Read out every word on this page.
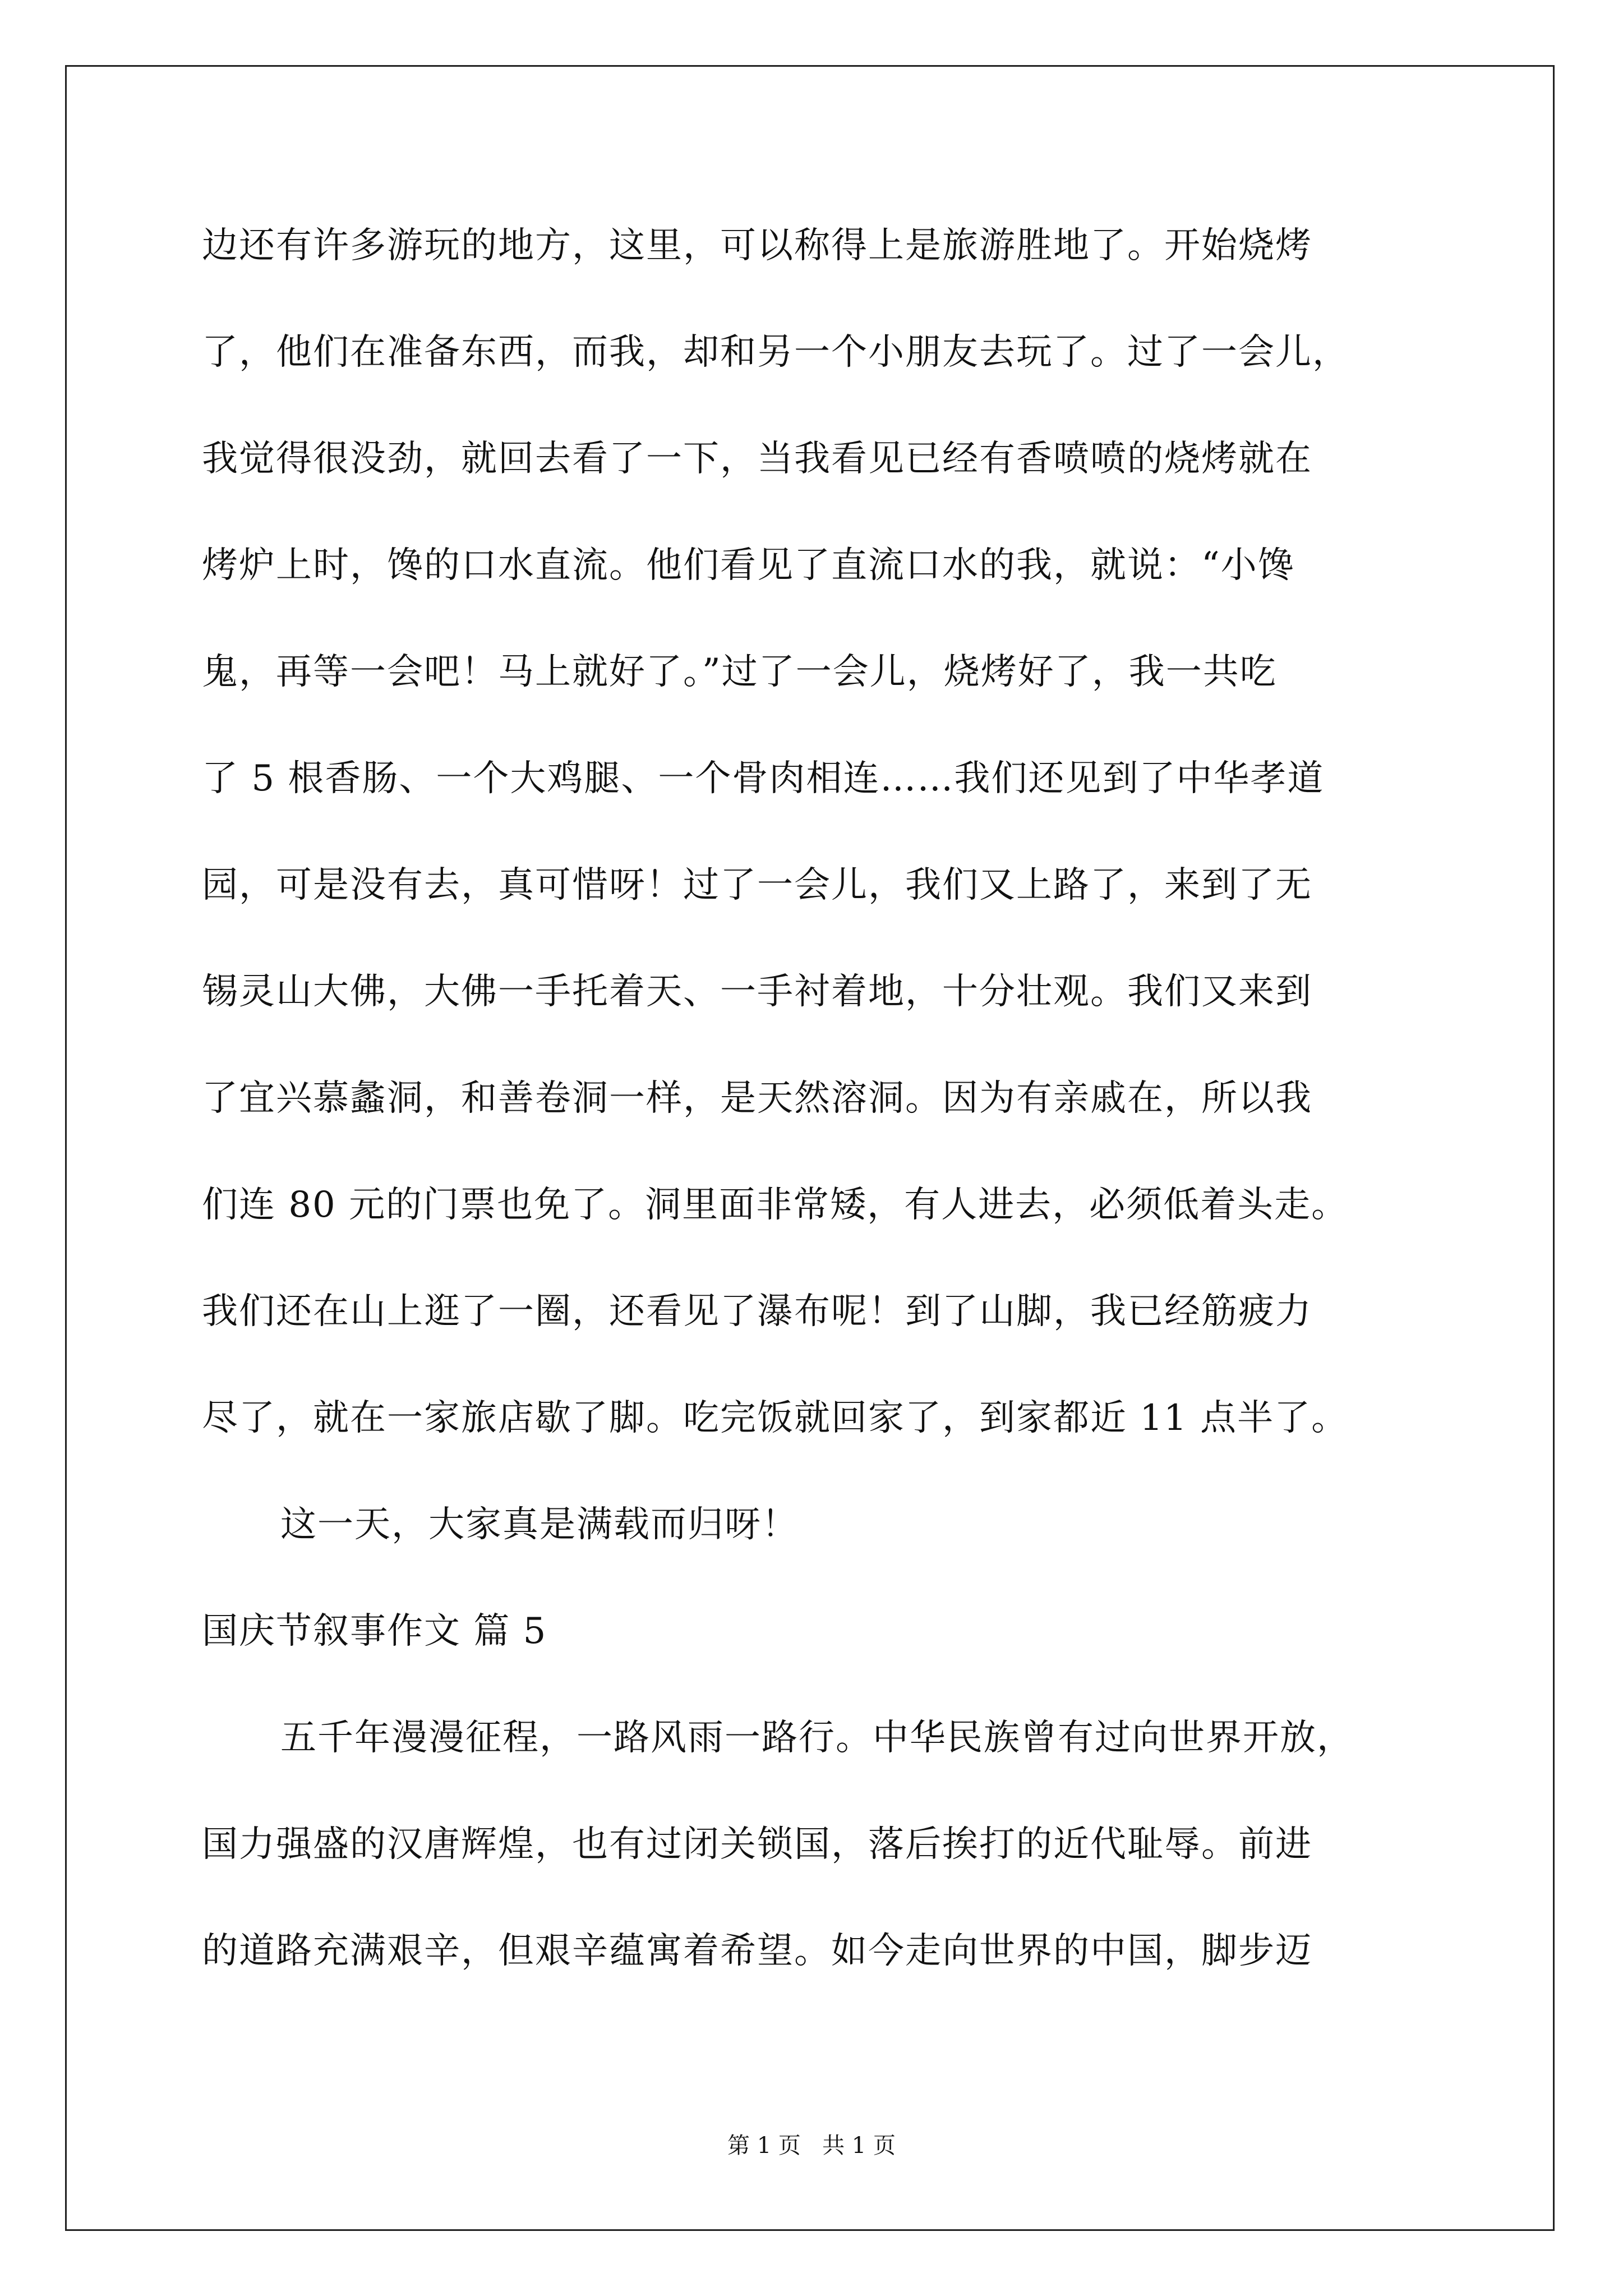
边还有许多游玩的地方，这里，可以称得上是旅游胜地了。开始烧烤
了，他们在准备东西，而我，却和另一个小朋友去玩了。过了一会儿，
我觉得很没劲，就回去看了一下，当我看见已经有香喷喷的烧烤就在
烤炉上时，馋的口水直流。他们看见了直流口水的我，就说：“小馋
鬼，再等一会吧！马上就好了。”过了一会儿，烧烤好了，我一共吃
了 5 根香肠、一个大鸡腿、一个骨肉相连……我们还见到了中华孝道
园，可是没有去，真可惜呀！过了一会儿，我们又上路了，来到了无
锡灵山大佛，大佛一手托着天、一手衬着地，十分壮观。我们又来到
了宜兴慕蠡洞，和善卷洞一样，是天然溶洞。因为有亲戚在，所以我
们连 80 元的门票也免了。洞里面非常矮，有人进去，必须低着头走。
我们还在山上逛了一圈，还看见了瀑布呢！到了山脚，我已经筋疲力
尽了，就在一家旅店歇了脚。吃完饭就回家了，到家都近 11 点半了。
这一天，大家真是满载而归呀！
国庆节叙事作文 篇 5
五千年漫漫征程，一路风雨一路行。中华民族曾有过向世界开放，
国力强盛的汉唐辉煌，也有过闭关锁国，落后挨打的近代耻辱。前进
的道路充满艰辛，但艰辛蕴寓着希望。如今走向世界的中国，脚步迈
第 1 页   共 1 页
